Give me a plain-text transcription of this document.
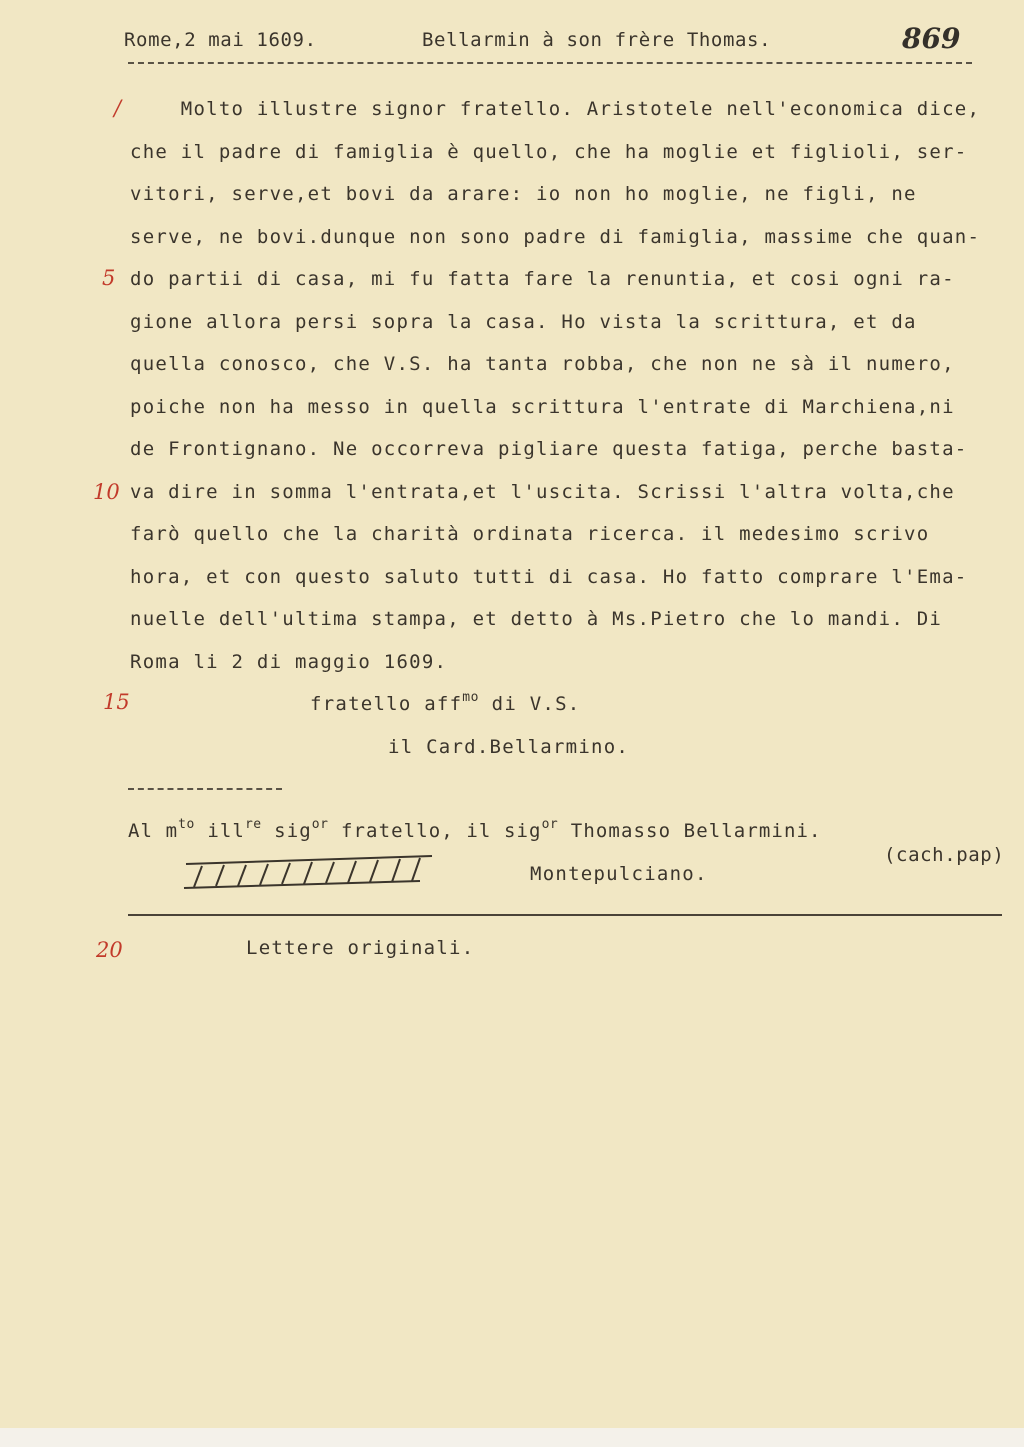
Rome,2 mai 1609.	Bellarmin à son frère Thomas.	869
/
5
10
15
20
Molto illustre signor fratello. Aristotele nell'economica dice,
che il padre di famiglia è quello, che ha moglie et figlioli, ser-
vitori, serve,et bovi da arare: io non ho moglie, ne figli, ne
serve, ne bovi.dunque non sono padre di famiglia, massime che quan-
do partii di casa, mi fu fatta fare la renuntia, et cosi ogni ra-
gione allora persi sopra la casa. Ho vista la scrittura, et da
quella conosco, che V.S. ha tanta robba, che non ne sà il numero,
poiche non ha messo in quella scrittura l'entrate di Marchiena,ni
de Frontignano. Ne occorreva pigliare questa fatiga, perche basta-
va dire in somma l'entrata,et l'uscita. Scrissi l'altra volta,che
farò quello che la charità ordinata ricerca. il medesimo scrivo
hora, et con questo saluto tutti di casa. Ho fatto comprare l'Ema-
nuelle dell'ultima stampa, et detto à Ms.Pietro che lo mandi. Di
Roma li 2 di maggio 1609.
fratello aff$^{mo}$ di V.S.
il Card.Bellarmino.
Al $m^{to}$ ill$^{re}$ sig$^{or}$ fratello, il sig$^{or}$ Thomasso Bellarmini.
(cach.pap)
Montepulciano.
Lettere originali.
